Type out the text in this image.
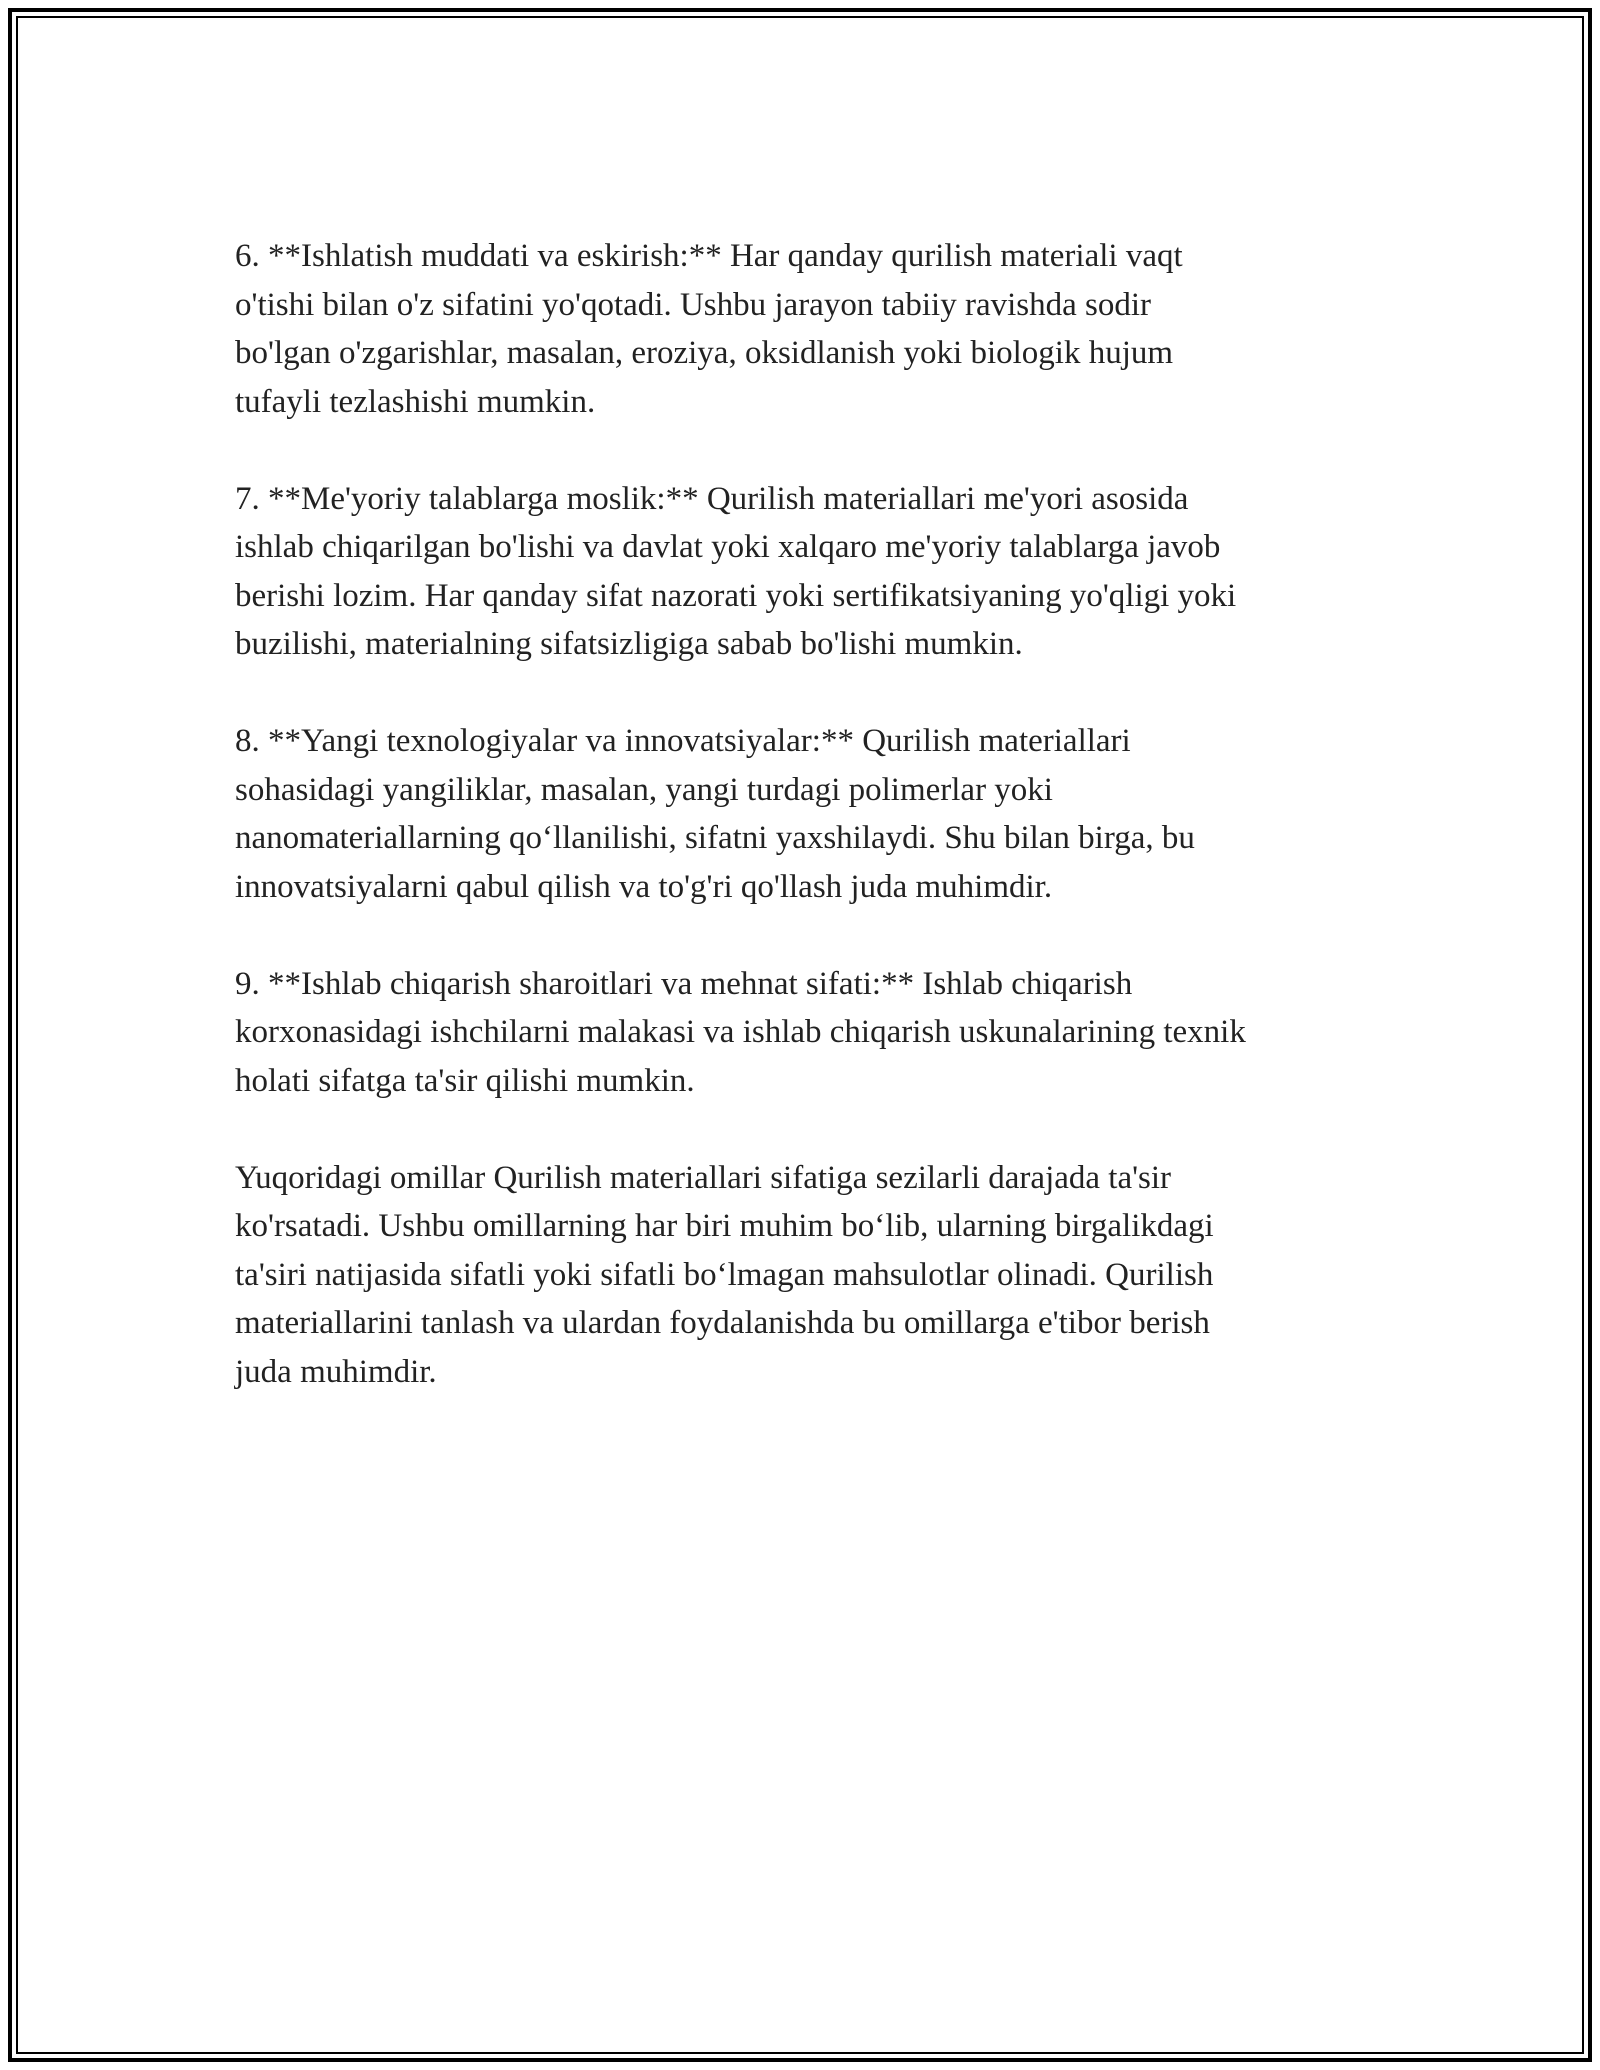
6. **Ishlatish muddati va eskirish:** Har qanday qurilish materiali vaqt
o'tishi bilan o'z sifatini yo'qotadi. Ushbu jarayon tabiiy ravishda sodir
bo'lgan o'zgarishlar, masalan, eroziya, oksidlanish yoki biologik hujum
tufayli tezlashishi mumkin.

7. **Me'yoriy talablarga moslik:** Qurilish materiallari me'yori asosida
ishlab chiqarilgan bo'lishi va davlat yoki xalqaro me'yoriy talablarga javob
berishi lozim. Har qanday sifat nazorati yoki sertifikatsiyaning yo'qligi yoki
buzilishi, materialning sifatsizligiga sabab bo'lishi mumkin.

8. **Yangi texnologiyalar va innovatsiyalar:** Qurilish materiallari
sohasidagi yangiliklar, masalan, yangi turdagi polimerlar yoki
nanomateriallarning qo‘llanilishi, sifatni yaxshilaydi. Shu bilan birga, bu
innovatsiyalarni qabul qilish va to'g'ri qo'llash juda muhimdir.

9. **Ishlab chiqarish sharoitlari va mehnat sifati:** Ishlab chiqarish
korxonasidagi ishchilarni malakasi va ishlab chiqarish uskunalarining texnik
holati sifatga ta'sir qilishi mumkin.

Yuqoridagi omillar Qurilish materiallari sifatiga sezilarli darajada ta'sir
ko'rsatadi. Ushbu omillarning har biri muhim bo‘lib, ularning birgalikdagi
ta'siri natijasida sifatli yoki sifatli bo‘lmagan mahsulotlar olinadi. Qurilish
materiallarini tanlash va ulardan foydalanishda bu omillarga e'tibor berish
juda muhimdir.
